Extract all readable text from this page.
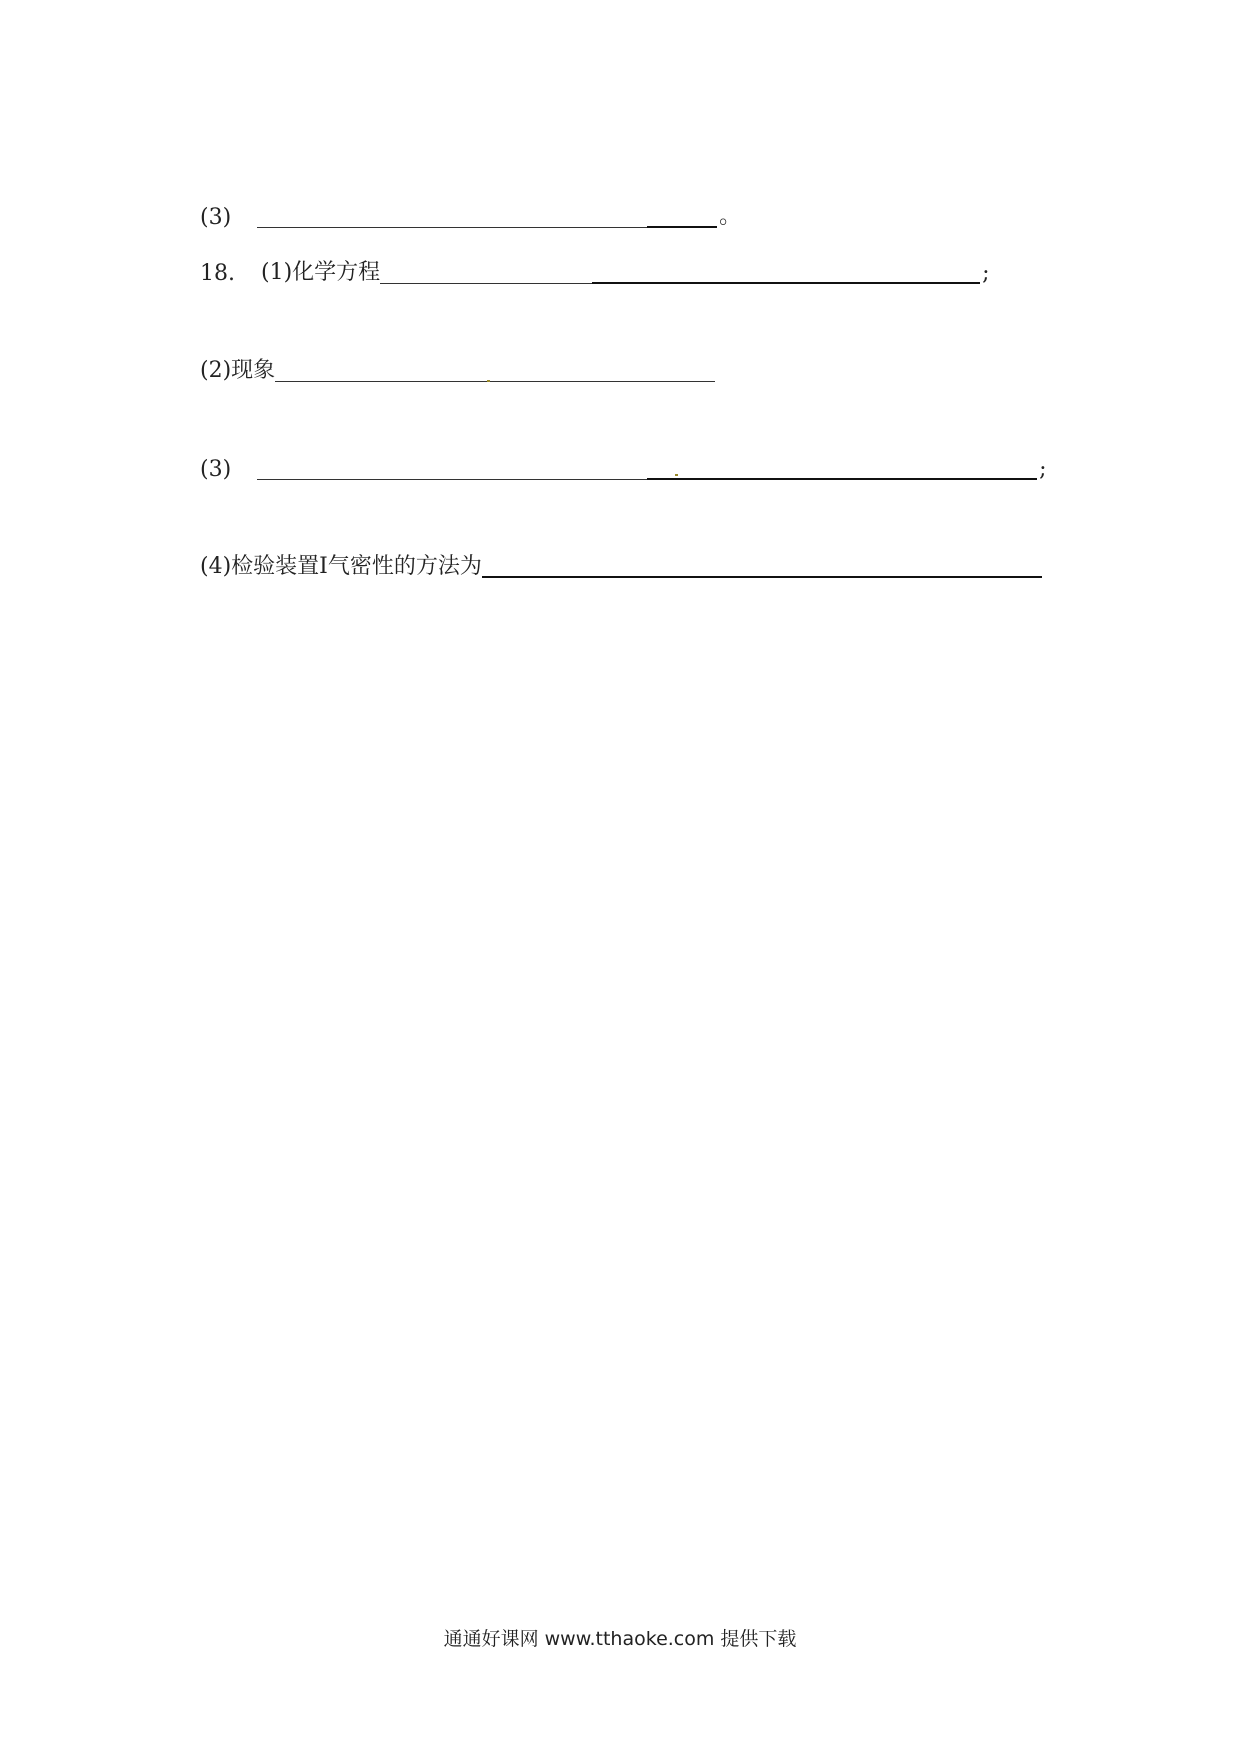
(3)	。
18. (1)化学方程	;
(2)现象
(3)	;
(4)检验装置Ⅰ气密性的方法为
通通好课网 www.tthaoke.com 提供下载
